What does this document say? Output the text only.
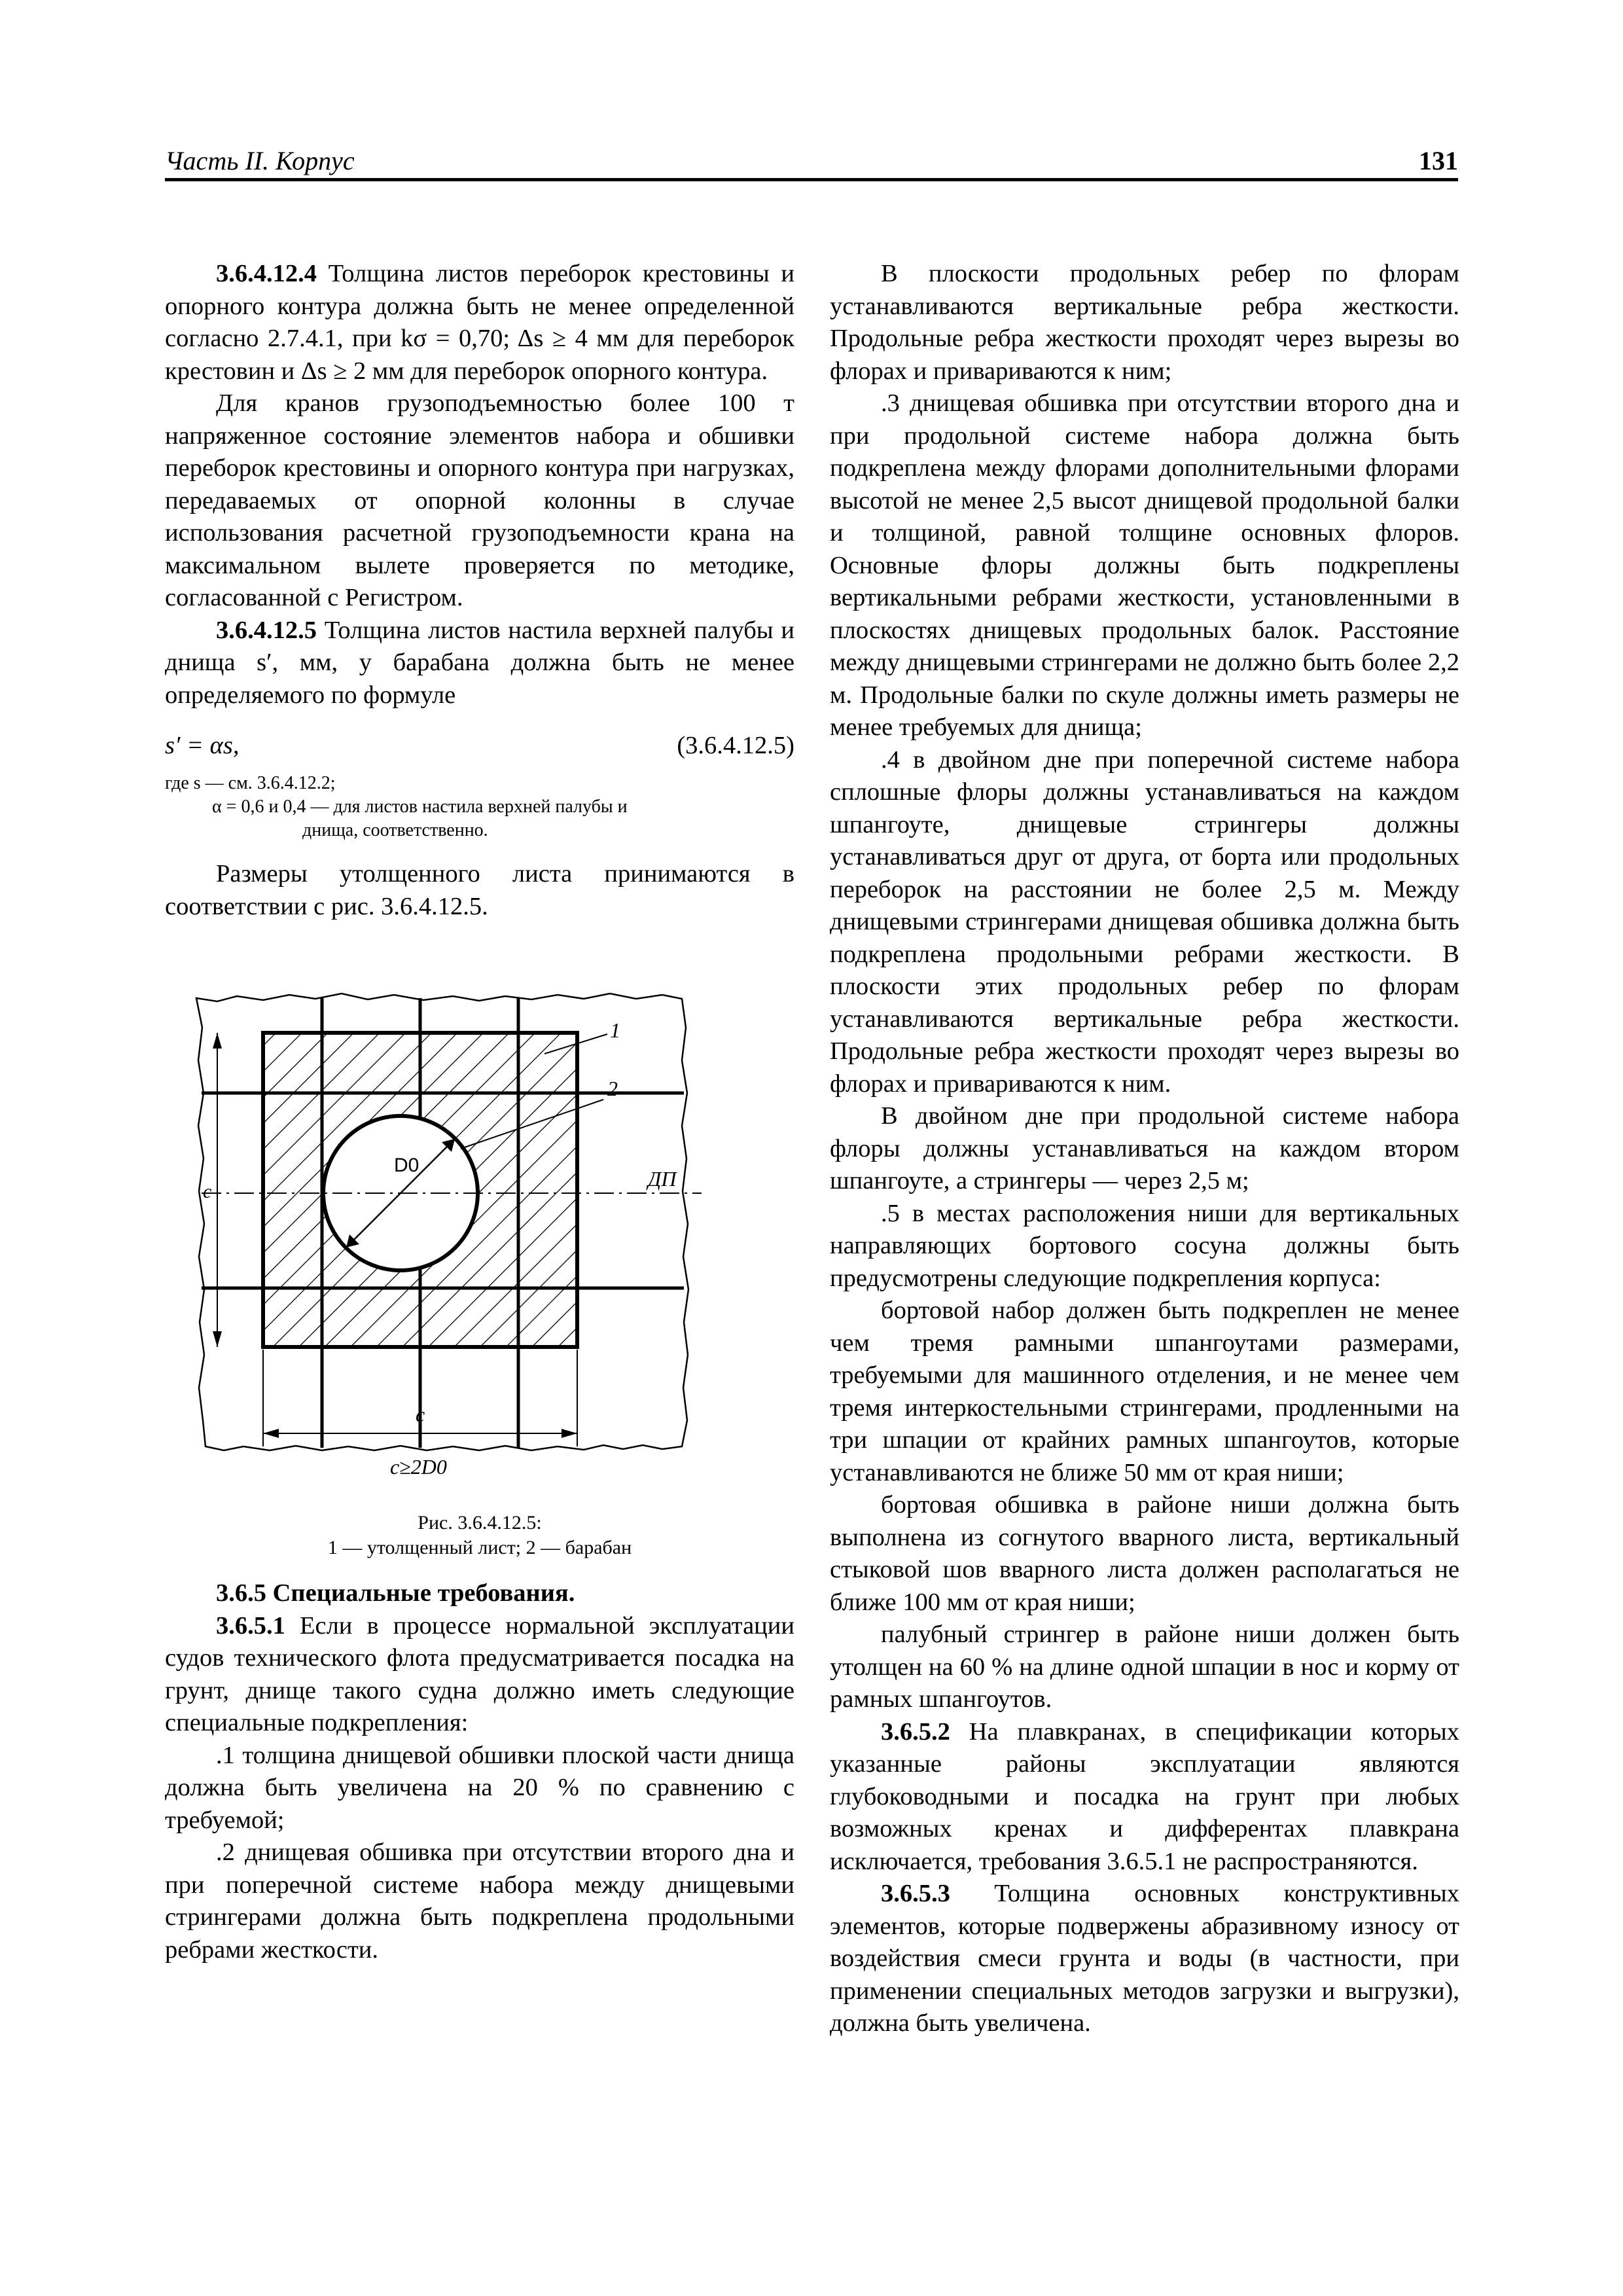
Часть II. Корпус	131

3.6.4.12.4 Толщина листов переборок крестовины и опорного контура должна быть не менее определенной согласно 2.7.4.1, при kσ = 0,70; Δs ≥ 4 мм для переборок крестовин и Δs ≥ 2 мм для переборок опорного контура.

Для кранов грузоподъемностью более 100 т напряженное состояние элементов набора и обшивки переборок крестовины и опорного контура при нагрузках, передаваемых от опорной колонны в случае использования расчетной грузоподъемности крана на максимальном вылете проверяется по методике, согласованной с Регистром.

3.6.4.12.5 Толщина листов настила верхней палубы и днища s′, мм, у барабана должна быть не менее определяемого по формуле

s′ = αs,	(3.6.4.12.5)
где s — см. 3.6.4.12.2;
α = 0,6 и 0,4 — для листов настила верхней палубы и
днища, соответственно.

Размеры утолщенного листа принимаются в соответствии с рис. 3.6.4.12.5.

1
2
D0
ДП
c
c
c≥2D0
Рис. 3.6.4.12.5:
1 — утолщенный лист; 2 — барабан

3.6.5 Специальные требования.

3.6.5.1 Если в процессе нормальной эксплуатации судов технического флота предусматривается посадка на грунт, днище такого судна должно иметь следующие специальные подкрепления:

.1 толщина днищевой обшивки плоской части днища должна быть увеличена на 20 % по сравнению с требуемой;

.2 днищевая обшивка при отсутствии второго дна и при поперечной системе набора между днищевыми стрингерами должна быть подкреплена продольными ребрами жесткости.

В плоскости продольных ребер по флорам устанавливаются вертикальные ребра жесткости. Продольные ребра жесткости проходят через вырезы во флорах и привариваются к ним;

.3 днищевая обшивка при отсутствии второго дна и при продольной системе набора должна быть подкреплена между флорами дополнительными флорами высотой не менее 2,5 высот днищевой продольной балки и толщиной, равной толщине основных флоров. Основные флоры должны быть подкреплены вертикальными ребрами жесткости, установленными в плоскостях днищевых продольных балок. Расстояние между днищевыми стрингерами не должно быть более 2,2 м. Продольные балки по скуле должны иметь размеры не менее требуемых для днища;

.4 в двойном дне при поперечной системе набора сплошные флоры должны устанавливаться на каждом шпангоуте, днищевые стрингеры должны устанавливаться друг от друга, от борта или продольных переборок на расстоянии не более 2,5 м. Между днищевыми стрингерами днищевая обшивка должна быть подкреплена продольными ребрами жесткости. В плоскости этих продольных ребер по флорам устанавливаются вертикальные ребра жесткости. Продольные ребра жесткости проходят через вырезы во флорах и привариваются к ним.

В двойном дне при продольной системе набора флоры должны устанавливаться на каждом втором шпангоуте, а стрингеры — через 2,5 м;

.5 в местах расположения ниши для вертикальных направляющих бортового сосуна должны быть предусмотрены следующие подкрепления корпуса:

бортовой набор должен быть подкреплен не менее чем тремя рамными шпангоутами размерами, требуемыми для машинного отделения, и не менее чем тремя интеркостельными стрингерами, продленными на три шпации от крайних рамных шпангоутов, которые устанавливаются не ближе 50 мм от края ниши;

бортовая обшивка в районе ниши должна быть выполнена из согнутого вварного листа, вертикальный стыковой шов вварного листа должен располагаться не ближе 100 мм от края ниши;

палубный стрингер в районе ниши должен быть утолщен на 60 % на длине одной шпации в нос и корму от рамных шпангоутов.

3.6.5.2 На плавкранах, в спецификации которых указанные районы эксплуатации являются глубоководными и посадка на грунт при любых возможных кренах и дифферентах плавкрана исключается, требования 3.6.5.1 не распространяются.

3.6.5.3 Толщина основных конструктивных элементов, которые подвержены абразивному износу от воздействия смеси грунта и воды (в частности, при применении специальных методов загрузки и выгрузки), должна быть увеличена.
